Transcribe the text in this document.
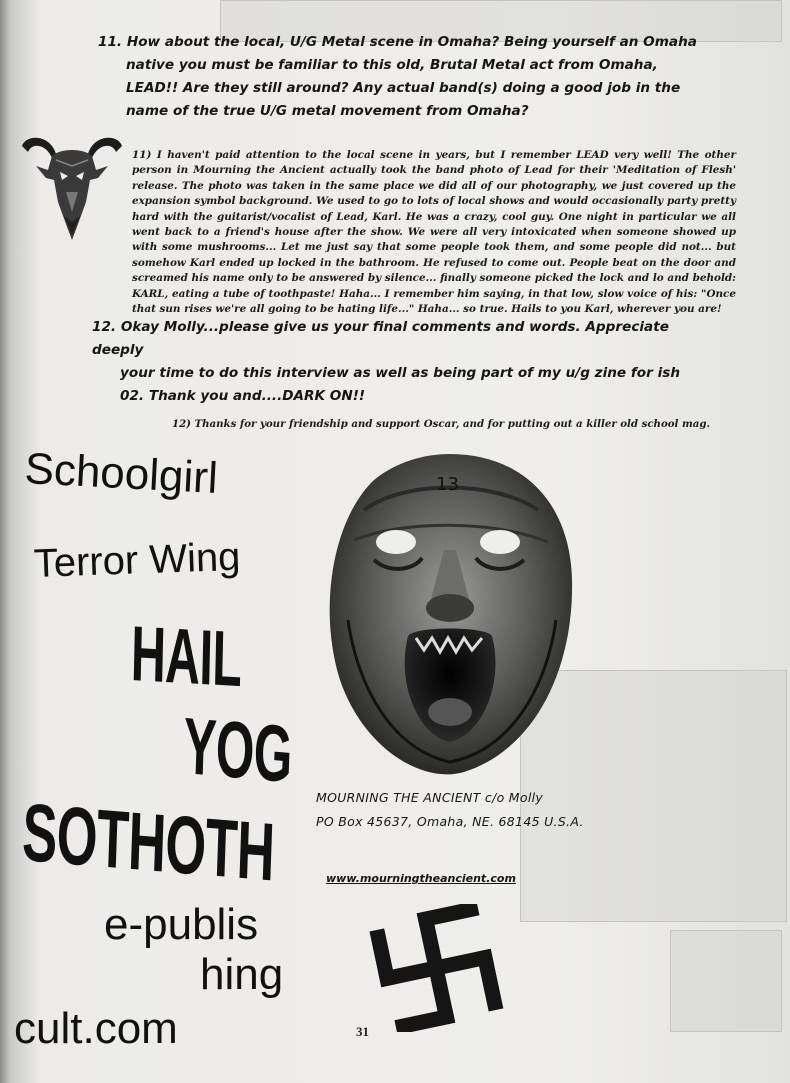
11. How about the local, U/G Metal scene in Omaha? Being yourself an Omaha

native you must be familiar to this old, Brutal Metal act from Omaha,

LEAD!! Are they still around? Any actual band(s) doing a good job in the

name of the true U/G metal movement from Omaha?

11) I haven't paid attention to the local scene in years, but I remember LEAD very well! The other person in Mourning the Ancient actually took the band photo of Lead for their 'Meditation of Flesh' release. The photo was taken in the same place we did all of our photography, we just covered up the expansion symbol background. We used to go to lots of local shows and would occasionally party pretty hard with the guitarist/vocalist of Lead, Karl. He was a crazy, cool guy. One night in particular we all went back to a friend's house after the show. We were all very intoxicated when someone showed up with some mushrooms... Let me just say that some people took them, and some people did not... but somehow Karl ended up locked in the bathroom. He refused to come out. People beat on the door and screamed his name only to be answered by silence... finally someone picked the lock and lo and behold: KARL, eating a tube of toothpaste! Haha... I remember him saying, in that low, slow voice of his: "Once that sun rises we're all going to be hating life..." Haha... so true. Hails to you Karl, wherever you are!

12. Okay Molly...please give us your final comments and words. Appreciate deeply

your time to do this interview as well as being part of my u/g zine for ish

02. Thank you and....DARK ON!!

12) Thanks for your friendship and support Oscar, and for putting out a killer old school mag.
Schoolgirl
Terror Wing
HAIL
YOG
SOTHOTH
e-publis
hing
cult.com
13
MOURNING THE ANCIENT c/o Molly
PO Box 45637, Omaha, NE. 68145 U.S.A.
www.mourningtheancient.com
31
